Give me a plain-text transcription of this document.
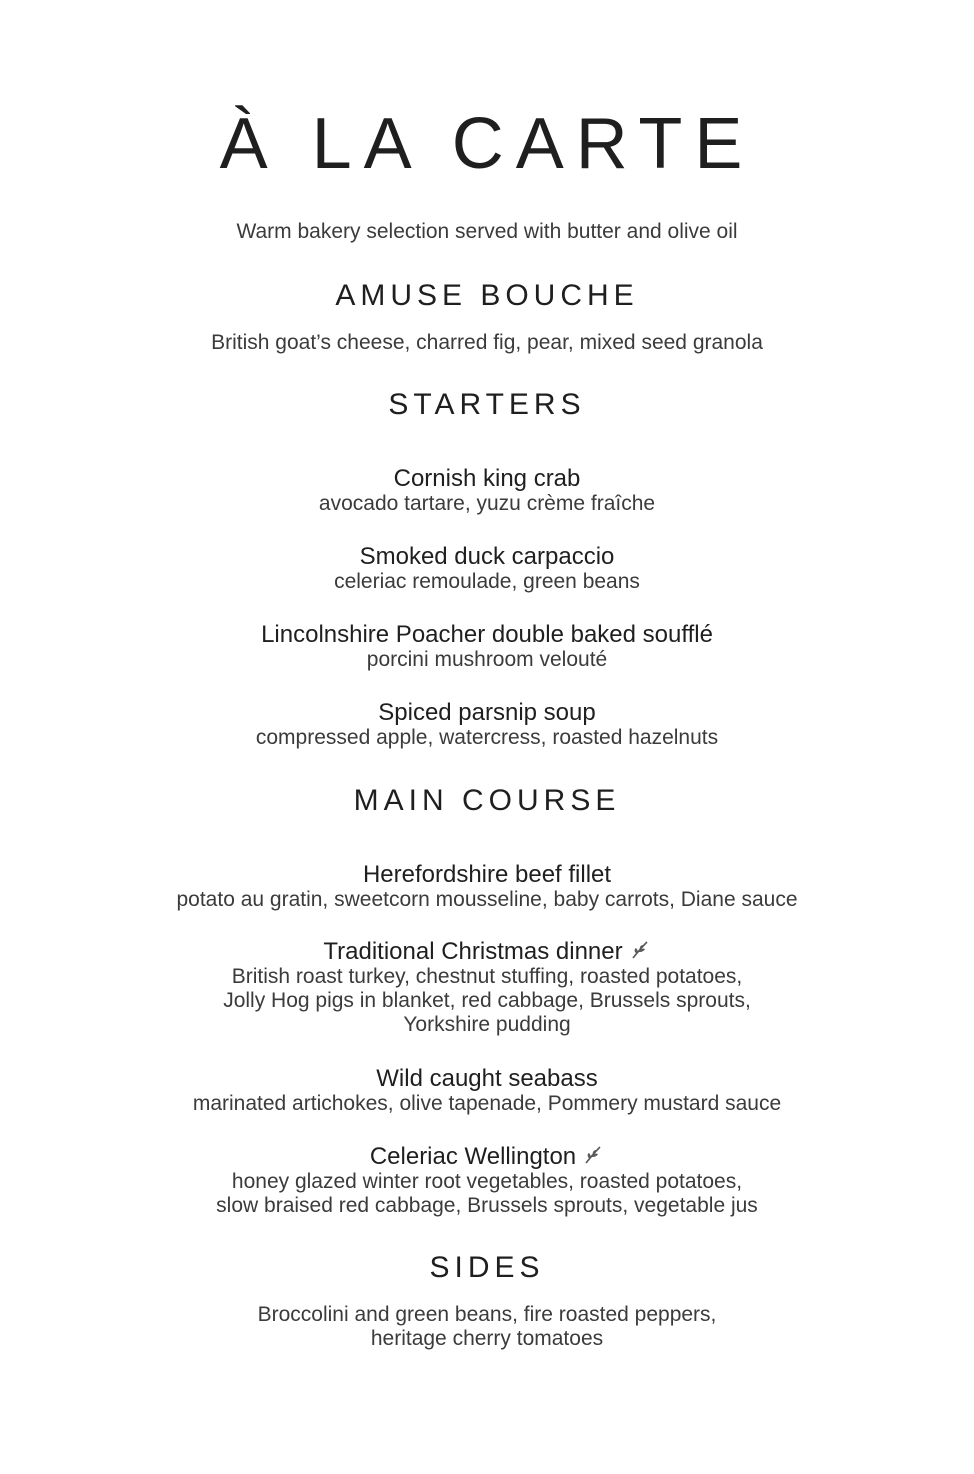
À LA CARTE
Warm bakery selection served with butter and olive oil
AMUSE BOUCHE
British goat’s cheese, charred fig, pear, mixed seed granola
STARTERS
Cornish king crab
avocado tartare, yuzu crème fraîche
Smoked duck carpaccio
celeriac remoulade, green beans
Lincolnshire Poacher double baked soufflé
porcini mushroom velouté
Spiced parsnip soup
compressed apple, watercress, roasted hazelnuts
MAIN COURSE
Herefordshire beef fillet
potato au gratin, sweetcorn mousseline, baby carrots, Diane sauce
Traditional Christmas dinner
British roast turkey, chestnut stuffing, roasted potatoes,
Jolly Hog pigs in blanket, red cabbage, Brussels sprouts,
Yorkshire pudding
Wild caught seabass
marinated artichokes, olive tapenade, Pommery mustard sauce
Celeriac Wellington
honey glazed winter root vegetables, roasted potatoes,
slow braised red cabbage, Brussels sprouts, vegetable jus
SIDES
Broccolini and green beans, fire roasted peppers,
heritage cherry tomatoes
